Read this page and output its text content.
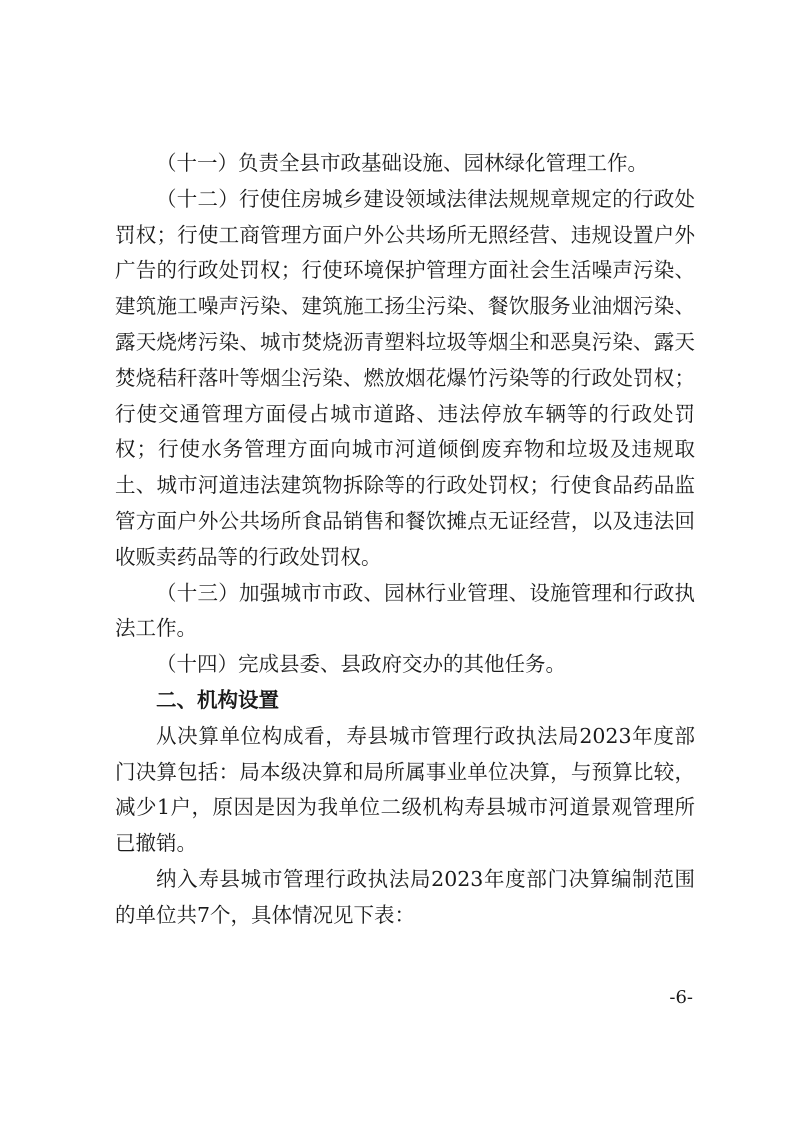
（十一）负责全县市政基础设施、园林绿化管理工作。

（十二）行使住房城乡建设领域法律法规规章规定的行政处罚权；行使工商管理方面户外公共场所无照经营、违规设置户外广告的行政处罚权；行使环境保护管理方面社会生活噪声污染、建筑施工噪声污染、建筑施工扬尘污染、餐饮服务业油烟污染、露天烧烤污染、城市焚烧沥青塑料垃圾等烟尘和恶臭污染、露天焚烧秸秆落叶等烟尘污染、燃放烟花爆竹污染等的行政处罚权；行使交通管理方面侵占城市道路、违法停放车辆等的行政处罚权；行使水务管理方面向城市河道倾倒废弃物和垃圾及违规取土、城市河道违法建筑物拆除等的行政处罚权；行使食品药品监管方面户外公共场所食品销售和餐饮摊点无证经营，以及违法回收贩卖药品等的行政处罚权。

（十三）加强城市市政、园林行业管理、设施管理和行政执法工作。

（十四）完成县委、县政府交办的其他任务。

二、机构设置

从决算单位构成看，寿县城市管理行政执法局2023年度部门决算包括：局本级决算和局所属事业单位决算，与预算比较，减少1户，原因是因为我单位二级机构寿县城市河道景观管理所已撤销。

纳入寿县城市管理行政执法局2023年度部门决算编制范围的单位共7个，具体情况见下表：

-6-
